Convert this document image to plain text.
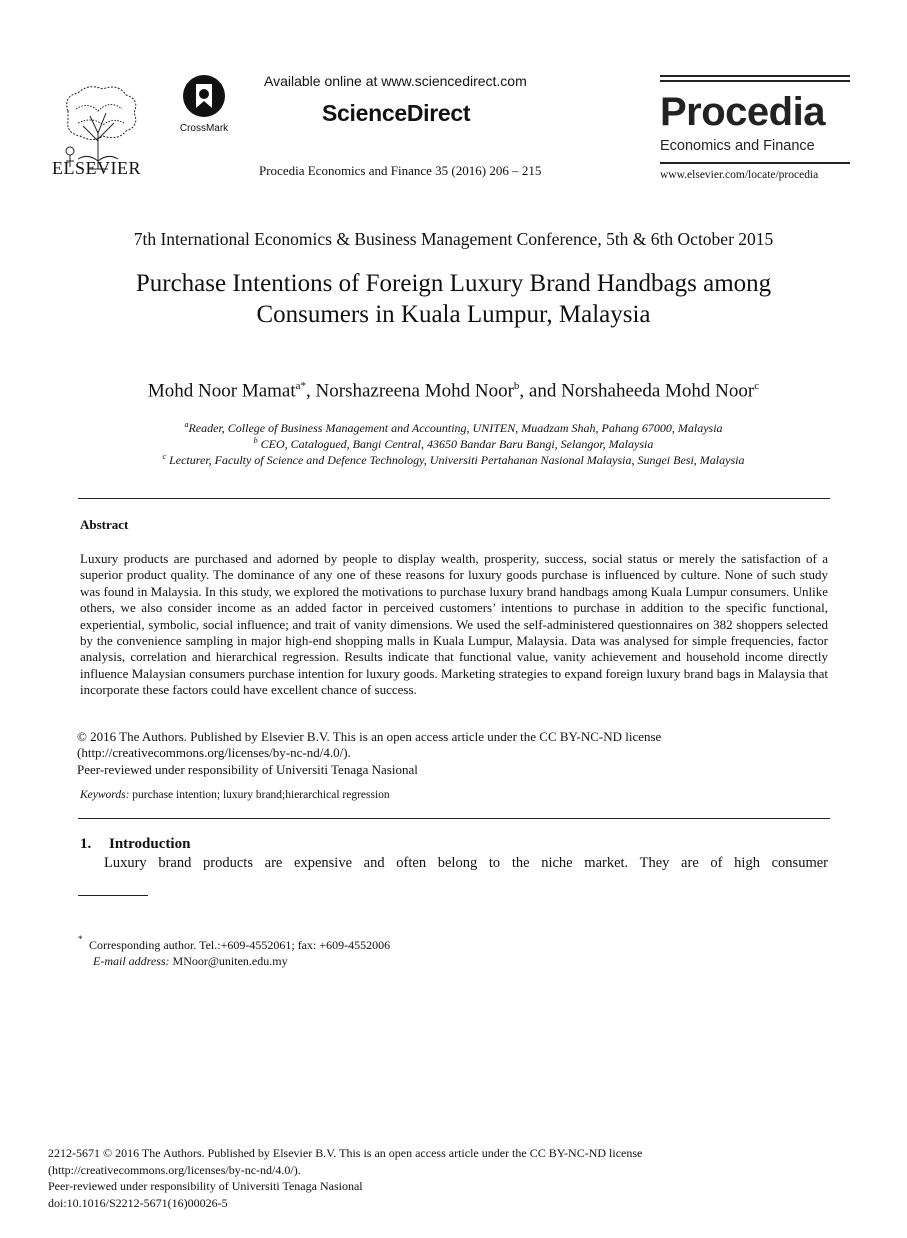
ELSEVIER
CrossMark
Available online at www.sciencedirect.com
ScienceDirect
Procedia Economics and Finance 35 (2016) 206 – 215
Procedia
Economics and Finance
www.elsevier.com/locate/procedia
7th International Economics & Business Management Conference, 5th & 6th October 2015
Purchase Intentions of Foreign Luxury Brand Handbags among
Consumers in Kuala Lumpur, Malaysia
Mohd Noor Mamat$^{a*}$, Norshazreena Mohd Noor$^b$, and Norshaheeda Mohd Noor$^c$
$^a$Reader, College of Business Management and Accounting, UNITEN, Muadzam Shah, Pahang 67000, Malaysia
$^b$ CEO, Catalogued, Bangi Central, 43650 Bandar Baru Bangi, Selangor, Malaysia
$^c$ Lecturer, Faculty of Science and Defence Technology, Universiti Pertahanan Nasional Malaysia, Sungei Besi, Malaysia
Abstract
Luxury products are purchased and adorned by people to display wealth, prosperity, success, social status or merely the satisfaction of a superior product quality. The dominance of any one of these reasons for luxury goods purchase is influenced by culture. None of such study was found in Malaysia. In this study, we explored the motivations to purchase luxury brand handbags among Kuala Lumpur consumers. Unlike others, we also consider income as an added factor in perceived customers’ intentions to purchase in addition to the specific functional, experiential, symbolic, social influence; and trait of vanity dimensions. We used the self-administered questionnaires on 382 shoppers selected by the convenience sampling in major high-end shopping malls in Kuala Lumpur, Malaysia. Data was analysed for simple frequencies, factor analysis, correlation and hierarchical regression. Results indicate that functional value, vanity achievement and household income directly influence Malaysian consumers purchase intention for luxury goods. Marketing strategies to expand foreign luxury brand bags in Malaysia that incorporate these factors could have excellent chance of success.
© 2016 The Authors. Published by Elsevier B.V. This is an open access article under the CC BY-NC-ND license
(http://creativecommons.org/licenses/by-nc-nd/4.0/).
Peer-reviewed under responsibility of Universiti Tenaga Nasional
Keywords: purchase intention; luxury brand;hierarchical regression
1. Introduction
Luxury brand products are expensive and often belong to the niche market. They are of high consumer
* Corresponding author. Tel.:+609-4552061; fax: +609-4552006
E-mail address: MNoor@uniten.edu.my
2212-5671 © 2016 The Authors. Published by Elsevier B.V. This is an open access article under the CC BY-NC-ND license
(http://creativecommons.org/licenses/by-nc-nd/4.0/).
Peer-reviewed under responsibility of Universiti Tenaga Nasional
doi:10.1016/S2212-5671(16)00026-5
